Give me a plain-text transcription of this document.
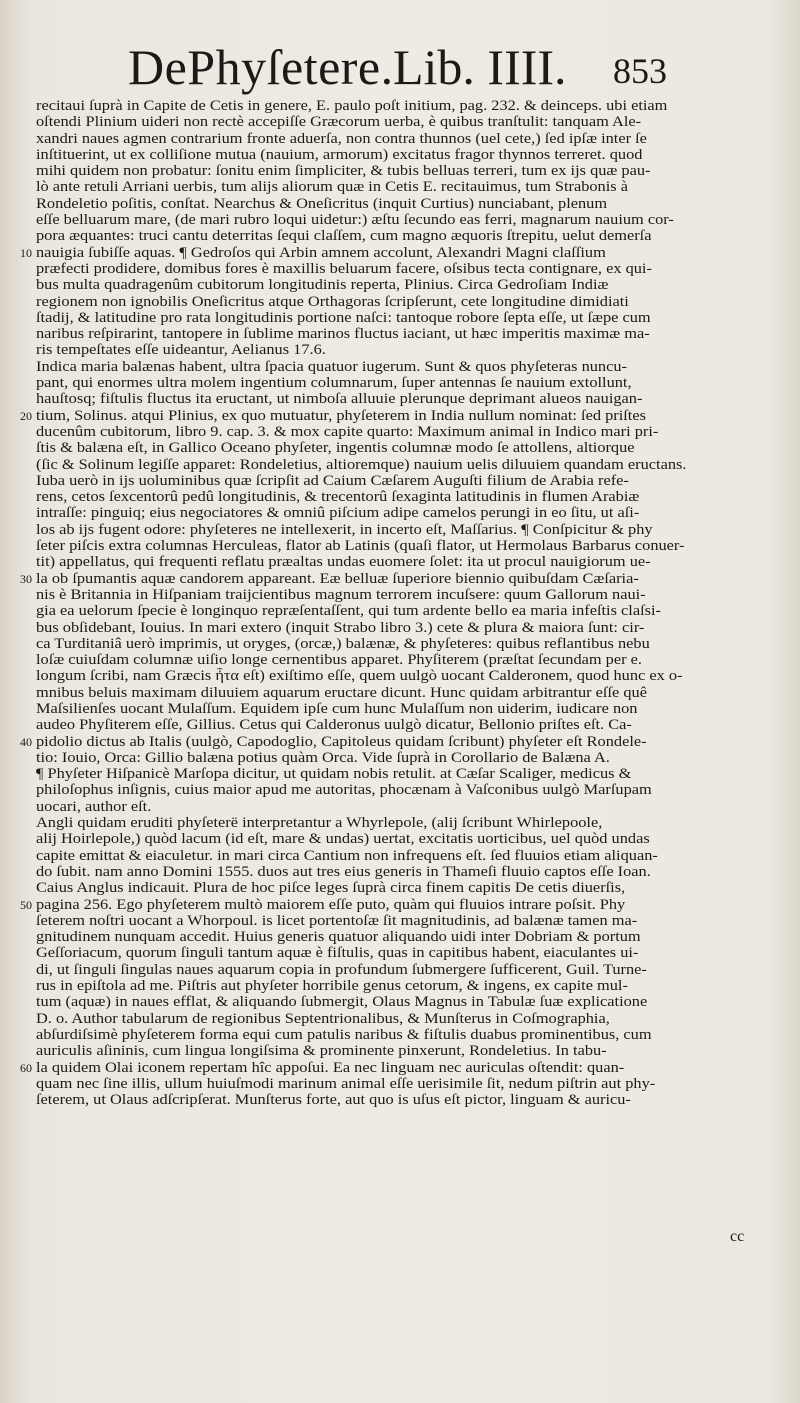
DePhyſetere. Lib. IIII. 853
recitaui ſuprà in Capite de Cetis in genere, E. paulo poſt initium, pag. 232. & deinceps. ubi etiam
oſtendi Plinium uideri non rectè accepiſſe Græcorum uerba, è quibus tranſtulit: tanquam Ale-
xandri naues agmen contrarium fronte aduerſa, non contra thunnos (uel cete,) ſed ipſæ inter ſe
inſtituerint, ut ex colliſione mutua (nauium, armorum) excitatus fragor thynnos terreret. quod
mihi quidem non probatur: ſonitu enim ſimpliciter, & tubis belluas terreri, tum ex ijs quæ pau-
lò ante retuli Arriani uerbis, tum alijs aliorum quæ in Cetis E. recitauimus, tum Strabonis à
Rondeletio poſitis, conſtat. Nearchus & Oneſicritus (inquit Curtius) nunciabant, plenum
eſſe belluarum mare, (de mari rubro loqui uidetur:) æſtu ſecundo eas ferri, magnarum nauium cor-
pora æquantes: truci cantu deterritas ſequi claſſem, cum magno æquoris ſtrepitu, uelut demerſa
10 nauigia ſubiſſe aquas. ¶ Gedroſos qui Arbin amnem accolunt, Alexandri Magni claſſium
præfecti prodidere, domibus fores è maxillis beluarum facere, oſsibus tecta contignare, ex qui-
bus multa quadragenûm cubitorum longitudinis reperta, Plinius. Circa Gedroſiam Indiæ
regionem non ignobilis Oneſicritus atque Orthagoras ſcripſerunt, cete longitudine dimidiati
ſtadij, & latitudine pro rata longitudinis portione naſci: tantoque robore ſepta eſſe, ut ſæpe cum
naribus reſpirarint, tantopere in ſublime marinos fluctus iaciant, ut hæc imperitis maximæ ma-
ris tempeſtates eſſe uideantur, Aelianus 17.6.
Indica maria balænas habent, ultra ſpacia quatuor iugerum. Sunt & quos phyſeteras nuncu-
pant, qui enormes ultra molem ingentium columnarum, ſuper antennas ſe nauium extollunt,
hauſtosq; fiſtulis fluctus ita eructant, ut nimboſa alluuie plerunque deprimant alueos nauigan-
20 tium, Solinus. atqui Plinius, ex quo mutuatur, phyſeterem in India nullum nominat: ſed priſtes
ducenûm cubitorum, libro 9. cap. 3. & mox capite quarto: Maximum animal in Indico mari pri-
ſtis & balæna eſt, in Gallico Oceano phyſeter, ingentis columnæ modo ſe attollens, altiorque
(ſic & Solinum legiſſe apparet: Rondeletius, altioremque) nauium uelis diluuiem quandam eructans.
Iuba uerò in ijs uoluminibus quæ ſcripſit ad Caium Cæſarem Auguſti filium de Arabia refe-
rens, cetos ſexcentorû pedû longitudinis, & trecentorû ſexaginta latitudinis in flumen Arabiæ
intraſſe: pinguiq; eius negociatores & omniû piſcium adipe camelos perungi in eo ſitu, ut aſi-
los ab ijs fugent odore: phyſeteres ne intellexerit, in incerto eſt, Maſſarius. ¶ Conſpicitur & phy
ſeter piſcis extra columnas Herculeas, flator ab Latinis (quaſi flator, ut Hermolaus Barbarus conuer-
tit) appellatus, qui frequenti reflatu præaltas undas euomere ſolet: ita ut procul nauigiorum ue-
30 la ob ſpumantis aquæ candorem appareant. Eæ belluæ ſuperiore biennio quibuſdam Cæſaria-
nis è Britannia in Hiſpaniam traijcientibus magnum terrorem incuſsere: quum Gallorum naui-
gia ea uelorum ſpecie è longinquo repræſentaſſent, qui tum ardente bello ea maria infeſtis claſsi-
bus obſidebant, Iouius. In mari extero (inquit Strabo libro 3.) cete & plura & maiora ſunt: cir-
ca Turditaniâ uerò imprimis, ut oryges, (orcæ,) balænæ, & phyſeteres: quibus reflantibus nebu
loſæ cuiuſdam columnæ uiſio longe cernentibus apparet. Phyſiterem (præſtat ſecundam per e.
longum ſcribi, nam Græcis ἦτα eſt) exiſtimo eſſe, quem uulgò uocant Calderonem, quod hunc ex o-
mnibus beluis maximam diluuiem aquarum eructare dicunt. Hunc quidam arbitrantur eſſe quê
Maſsilienſes uocant Mulaſſum. Equidem ipſe cum hunc Mulaſſum non uiderim, iudicare non
audeo Phyſiterem eſſe, Gillius. Cetus qui Calderonus uulgò dicatur, Bellonio priſtes eſt. Ca-
40 pidolio dictus ab Italis (uulgò, Capodoglio, Capitoleus quidam ſcribunt) phyſeter eſt Rondele-
tio: Iouio, Orca: Gillio balæna potius quàm Orca. Vide ſuprà in Corollario de Balæna A.
¶ Phyſeter Hiſpanicè Marſopa dicitur, ut quidam nobis retulit. at Cæſar Scaliger, medicus &
philoſophus inſignis, cuius maior apud me autoritas, phocænam à Vaſconibus uulgò Marſupam
uocari, author eſt.
Angli quidam eruditi phyſeterë interpretantur a Whyrlepole, (alij ſcribunt Whirlepoole,
alij Hoirlepole,) quòd lacum (id eſt, mare & undas) uertat, excitatis uorticibus, uel quòd undas
capite emittat & eiaculetur. in mari circa Cantium non infrequens eſt. ſed fluuios etiam aliquan-
do ſubit. nam anno Domini 1555. duos aut tres eius generis in Thameſi fluuio captos eſſe Ioan.
Caius Anglus indicauit. Plura de hoc piſce leges ſuprà circa finem capitis De cetis diuerſis,
50 pagina 256. Ego phyſeterem multò maiorem eſſe puto, quàm qui fluuios intrare poſsit. Phy
ſeterem noſtri uocant a Whorpoul. is licet portentoſæ ſit magnitudinis, ad balænæ tamen ma-
gnitudinem nunquam accedit. Huius generis quatuor aliquando uidi inter Dobriam & portum
Geſſoriacum, quorum ſinguli tantum aquæ è fiſtulis, quas in capitibus habent, eiaculantes ui-
di, ut ſinguli ſingulas naues aquarum copia in profundum ſubmergere ſufficerent, Guil. Turne-
rus in epiſtola ad me. Piſtris aut phyſeter horribile genus cetorum, & ingens, ex capite mul-
tum (aquæ) in naues efflat, & aliquando ſubmergit, Olaus Magnus in Tabulæ ſuæ explicatione
D. o. Author tabularum de regionibus Septentrionalibus, & Munſterus in Coſmographia,
abſurdiſsimè phyſeterem forma equi cum patulis naribus & fiſtulis duabus prominentibus, cum
auriculis aſininis, cum lingua longiſsima & prominente pinxerunt, Rondeletius. In tabu-
60 la quidem Olai iconem repertam hîc appoſui. Ea nec linguam nec auriculas oſtendit: quan-
quam nec ſine illis, ullum huiuſmodi marinum animal eſſe uerisimile ſit, nedum piſtrin aut phy-
ſeterem, ut Olaus adſcripſerat. Munſterus forte, aut quo is uſus eſt pictor, linguam & auricu-
cc
